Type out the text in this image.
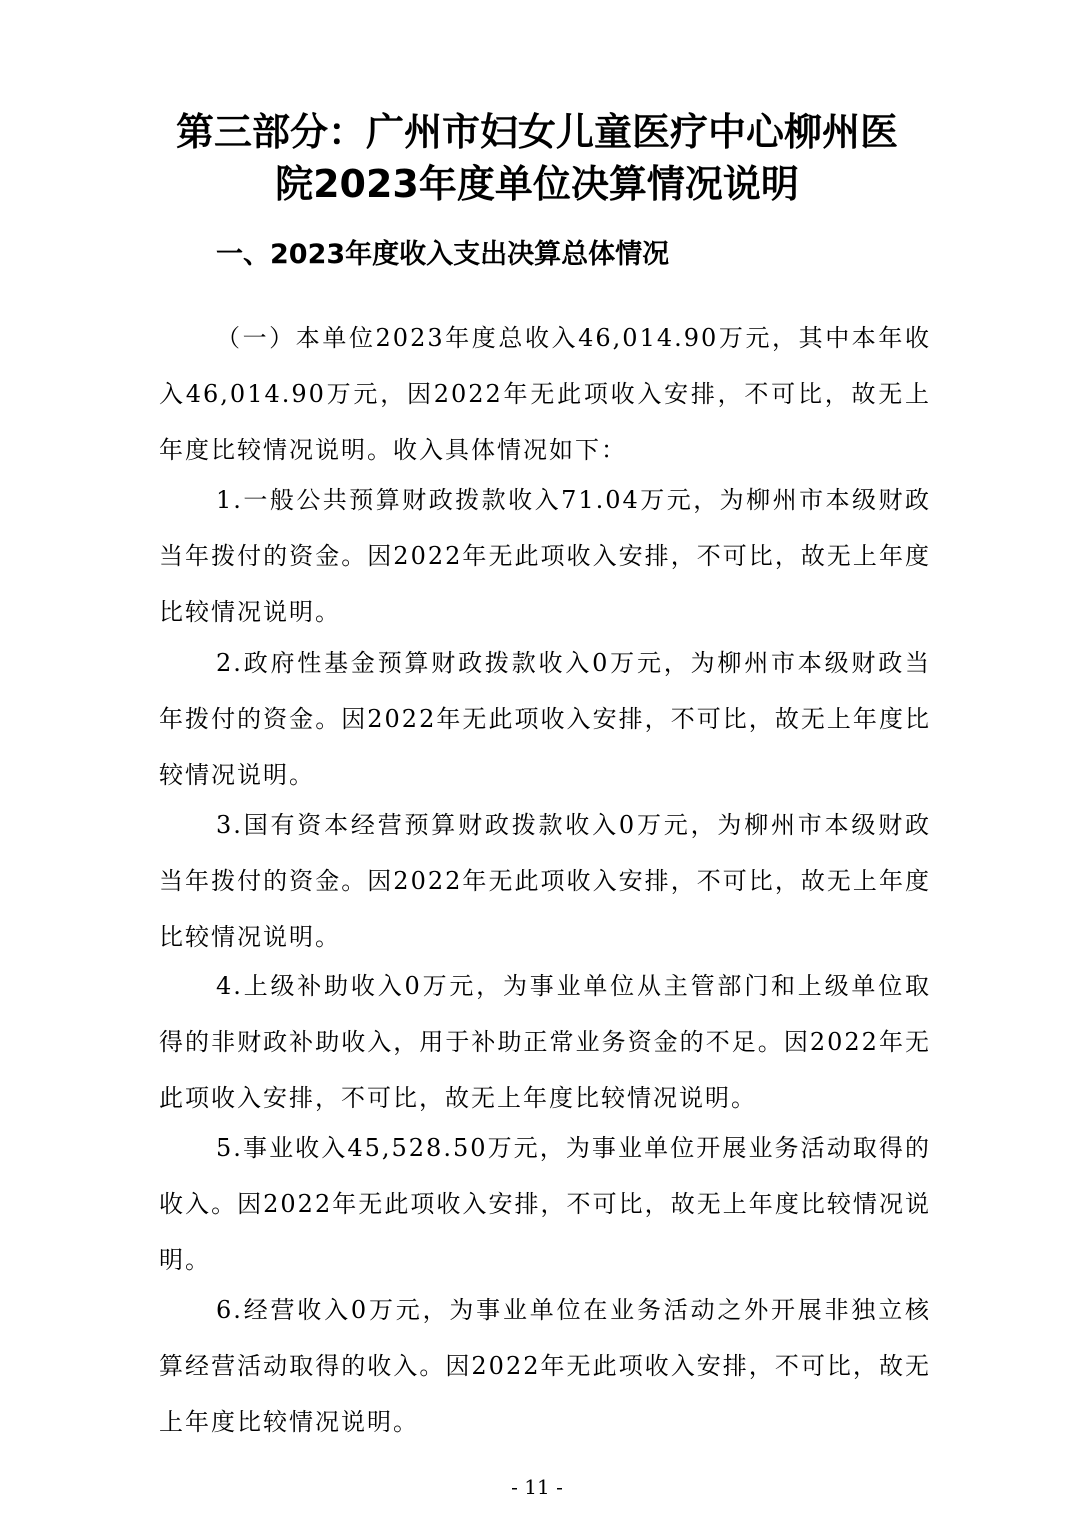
第三部分：广州市妇女儿童医疗中心柳州医
院2023年度单位决算情况说明
一、2023年度收入支出决算总体情况

（一）本单位2023年度总收入46,014.90万元，其中本年收入46,014.90万元，因2022年无此项收入安排，不可比，故无上年度比较情况说明。收入具体情况如下：

1.一般公共预算财政拨款收入71.04万元，为柳州市本级财政当年拨付的资金。因2022年无此项收入安排，不可比，故无上年度比较情况说明。

2.政府性基金预算财政拨款收入0万元，为柳州市本级财政当年拨付的资金。因2022年无此项收入安排，不可比，故无上年度比较情况说明。

3.国有资本经营预算财政拨款收入0万元，为柳州市本级财政当年拨付的资金。因2022年无此项收入安排，不可比，故无上年度比较情况说明。

4.上级补助收入0万元，为事业单位从主管部门和上级单位取得的非财政补助收入，用于补助正常业务资金的不足。因2022年无此项收入安排，不可比，故无上年度比较情况说明。

5.事业收入45,528.50万元，为事业单位开展业务活动取得的收入。因2022年无此项收入安排，不可比，故无上年度比较情况说明。

6.经营收入0万元，为事业单位在业务活动之外开展非独立核算经营活动取得的收入。因2022年无此项收入安排，不可比，故无上年度比较情况说明。

- 11 -
